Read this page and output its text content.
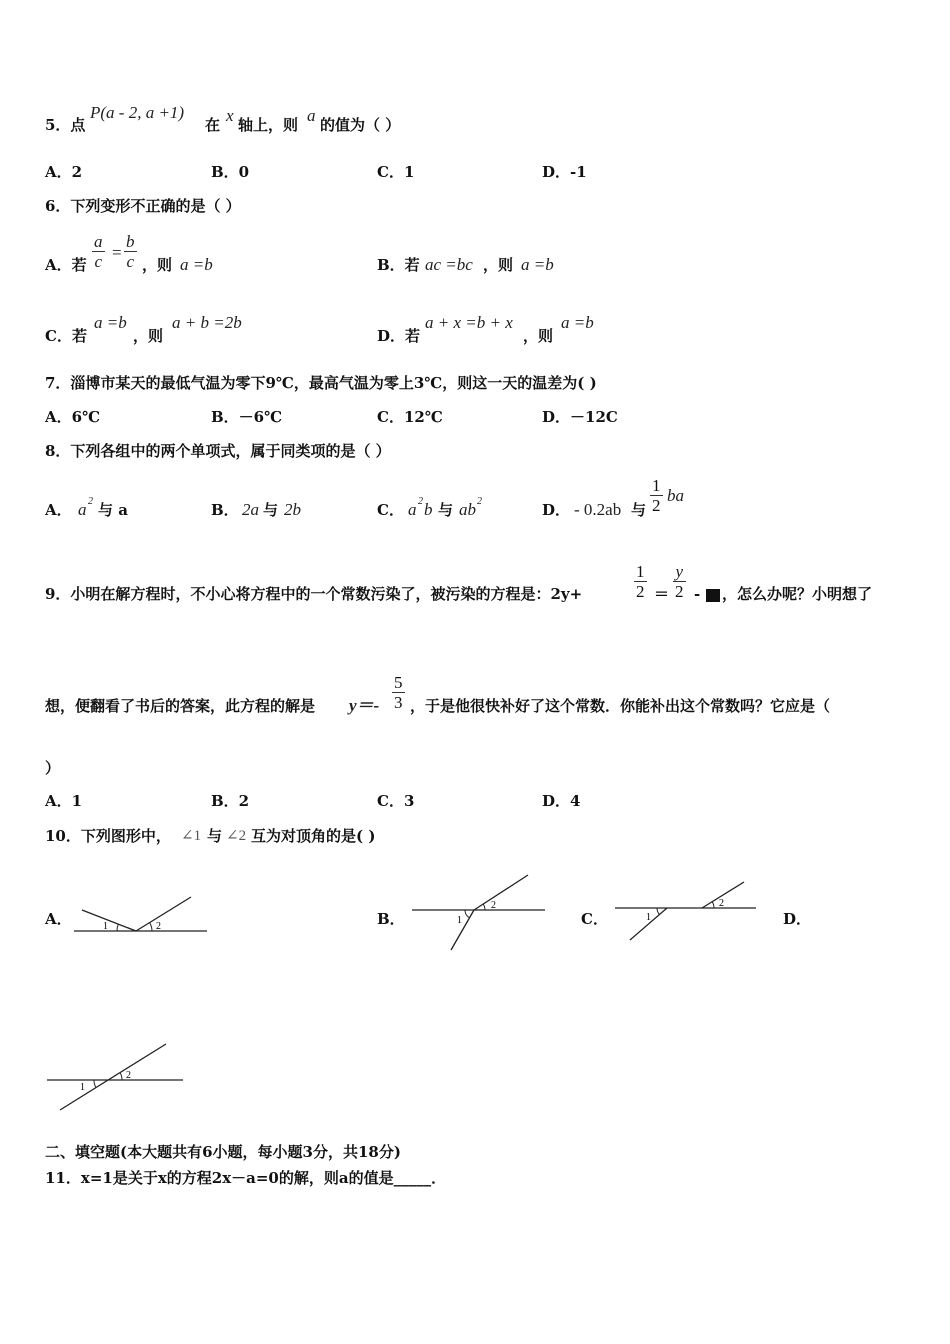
5．点
P(a - 2, a +1)
在 x 轴上，则 a 的值为（ ）
A．2	B．0	C．1	D．-1
6．下列变形不正确的是（ ）
A．若 $\frac{a}{c} = \frac{b}{c}$ ，则 a =b	B．若 ac =bc ，则 a =b
C．若
a =b
，则
a + b =2b
D．若
a + x =b + x
，则
a =b
7．淄博市某天的最低气温为零下9℃，最高气温为零上3℃，则这一天的温差为( )
A．6℃	B．－6℃	C．12℃	D．－12C
8．下列各组中的两个单项式，属于同类项的是（ ）
A． a 2 与 a	B． 2a 与 2b	C． a 2 b 与 ab 2	D． - 0.2ab 与 $\frac{1}{2}$ ba
9．小明在解方程时，不小心将方程中的一个常数污染了，被污染的方程是：2y+	$\frac{1}{2} = \frac{y}{2}$ - ，怎么办呢？小明想了
想，便翻看了书后的答案，此方程的解是 $y=- \frac{5}{3}$ ，于是他很快补好了这个常数．你能补出这个常数吗？它应是（
）
A．1	B．2	C．3	D．4
10．下列图形中， ∠1 与 ∠2 互为对顶角的是( )
A．	B．	C．	D．
1	2
1
2
1
2
1
2
二、填空题(本大题共有6小题，每小题3分，共18分)
11．x=1是关于x的方程2x－a=0的解，则a的值是_____．
